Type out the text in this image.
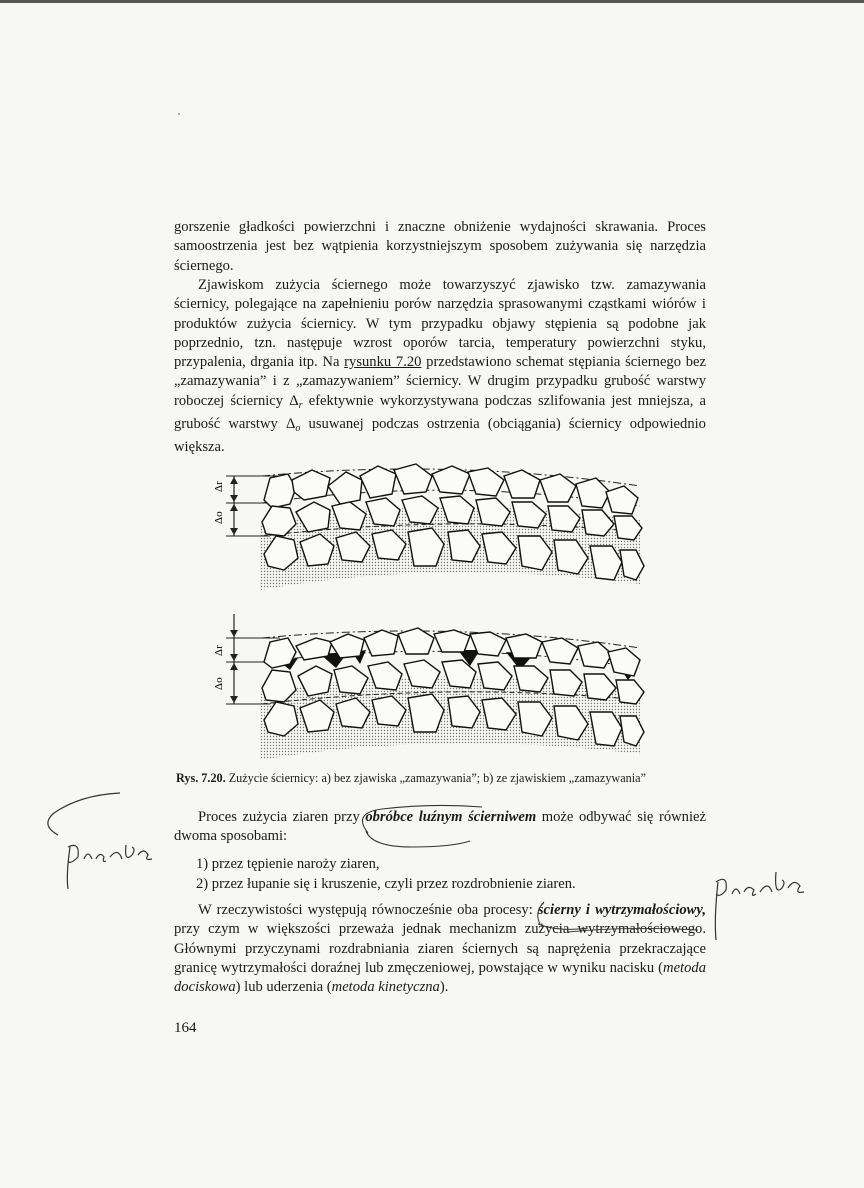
gorszenie gładkości powierzchni i znaczne obniżenie wydajności skrawania. Proces samoostrzenia jest bez wątpienia korzystniejszym sposobem zużywania się narzędzia ściernego.

Zjawiskom zużycia ściernego może towarzyszyć zjawisko tzw. zamazywania ściernicy, polegające na zapełnieniu porów narzędzia sprasowanymi cząstkami wiórów i produktów zużycia ściernicy. W tym przypadku objawy stępienia są podobne jak poprzednio, tzn. następuje wzrost oporów tarcia, temperatury powierzchni styku, przypalenia, drgania itp. Na rysunku 7.20 przedstawiono schemat stępiania ściernego bez „zamazywania” i z „zamazywaniem” ściernicy. W drugim przypadku grubość warstwy roboczej ściernicy $\Delta_r$ efektywnie wykorzystywana podczas szlifowania jest mniejsza, a grubość warstwy $\Delta_o$ usuwanej podczas ostrzenia (obciągania) ściernicy odpowiednio większa.

Δr
Δo
Δr
Δo
Rys. 7.20. Zużycie ściernicy: a) bez zjawiska „zamazywania”; b) ze zjawiskiem „zamazywania”

Proces zużycia ziaren przy obróbce luźnym ścierniwem może odbywać się również dwoma sposobami:

1) przez tępienie naroży ziaren,
2) przez łupanie się i kruszenie, czyli przez rozdrobnienie ziaren.

W rzeczywistości występują równocześnie oba procesy: ścierny i wytrzymałościowy, przy czym w większości przeważa jednak mechanizm zużycia wytrzymałościowego. Głównymi przyczynami rozdrabniania ziaren ściernych są naprężenia przekraczające granicę wytrzymałości doraźnej lub zmęczeniowej, powstające w wyniku nacisku (metoda dociskowa) lub uderzenia (metoda kinetyczna).

164
